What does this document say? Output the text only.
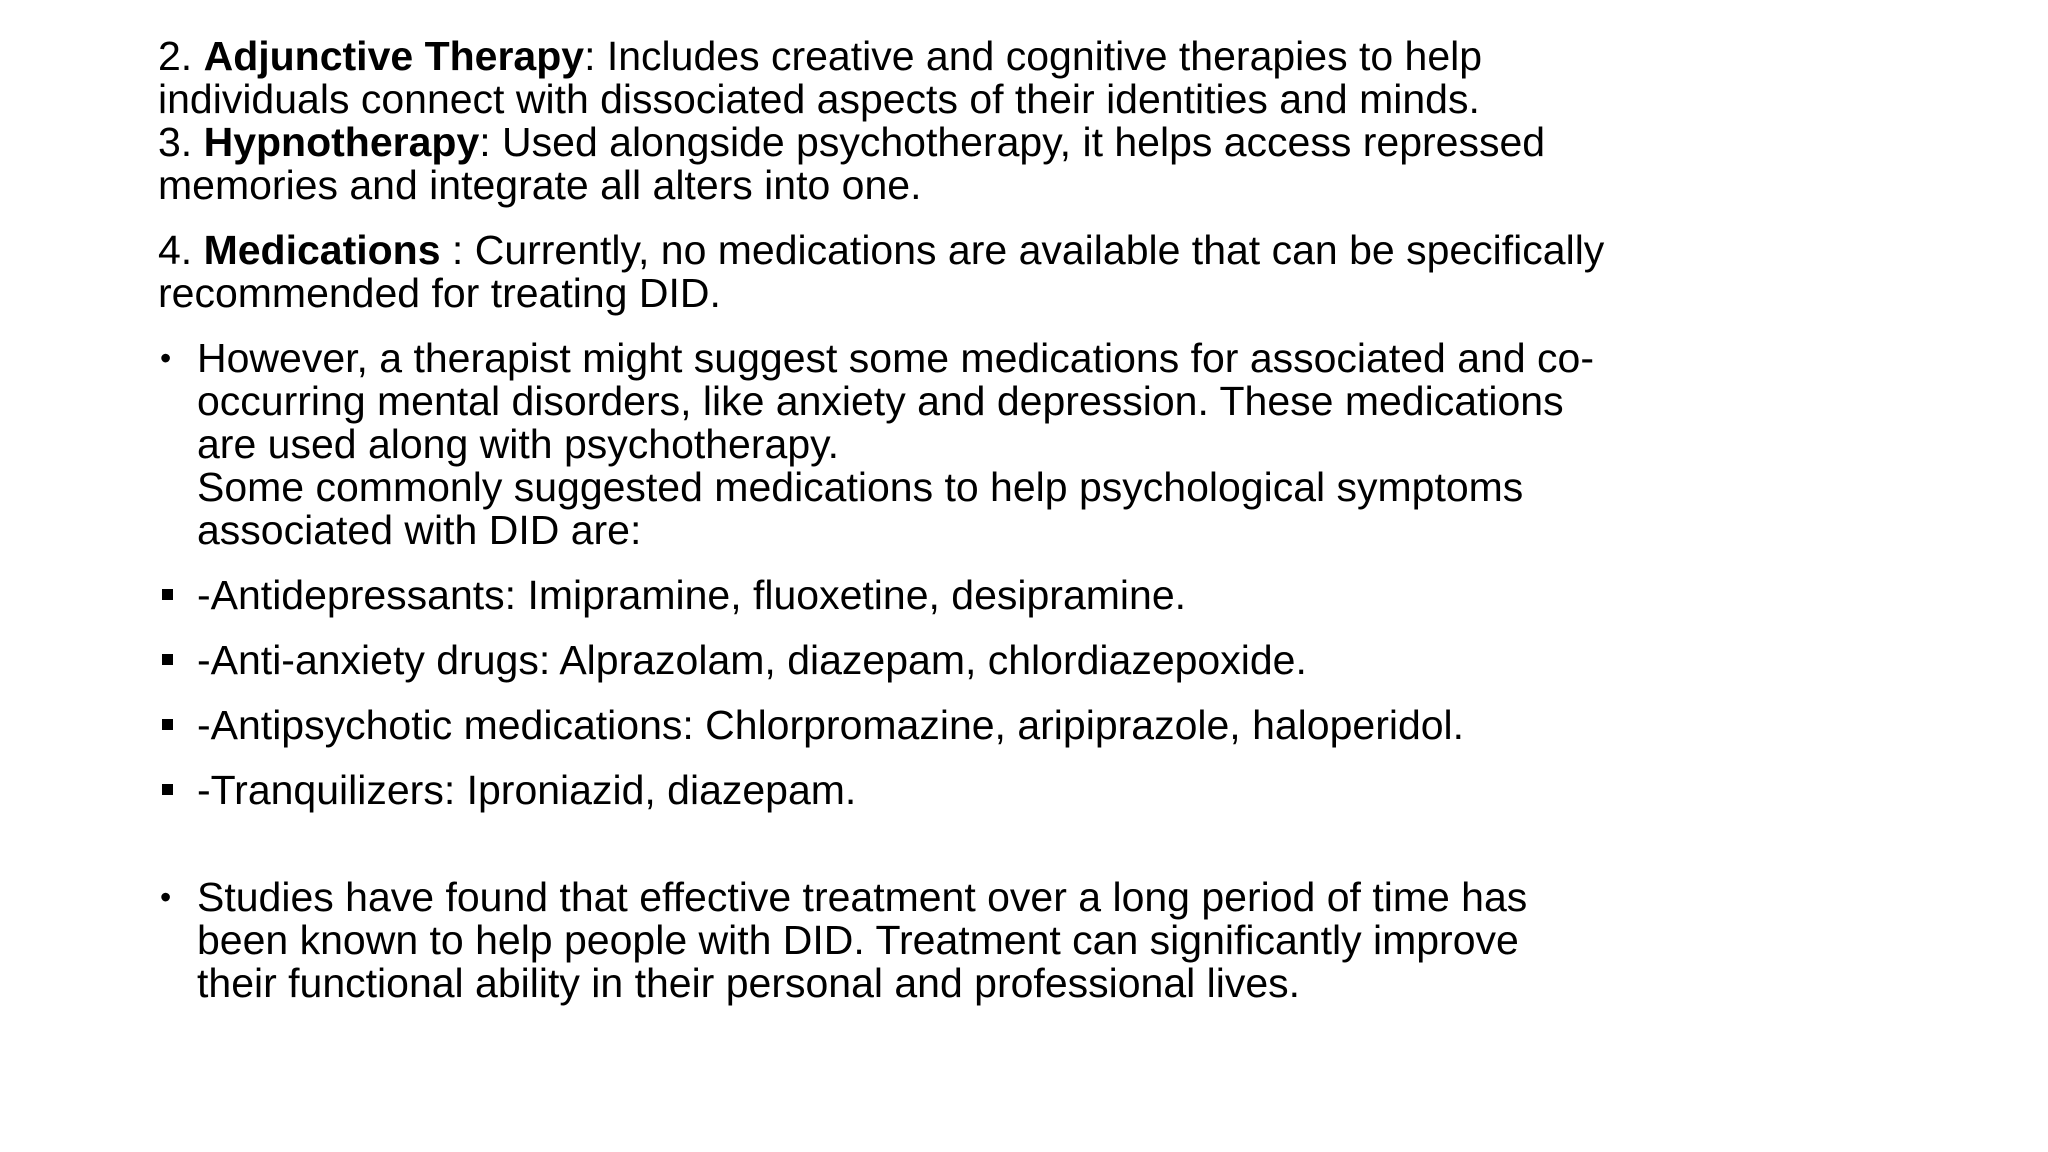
2. Adjunctive Therapy: Includes creative and cognitive therapies to help
individuals connect with dissociated aspects of their identities and minds.
3. Hypnotherapy: Used alongside psychotherapy, it helps access repressed
memories and integrate all alters into one.
4. Medications : Currently, no medications are available that can be specifically
recommended for treating DID.
• However, a therapist might suggest some medications for associated and co-
occurring mental disorders, like anxiety and depression. These medications
are used along with psychotherapy.
Some commonly suggested medications to help psychological symptoms
associated with DID are:
-Antidepressants: Imipramine, fluoxetine, desipramine.
-Anti-anxiety drugs: Alprazolam, diazepam, chlordiazepoxide.
-Antipsychotic medications: Chlorpromazine, aripiprazole, haloperidol.
-Tranquilizers: Iproniazid, diazepam.
• Studies have found that effective treatment over a long period of time has
been known to help people with DID. Treatment can significantly improve
their functional ability in their personal and professional lives.
